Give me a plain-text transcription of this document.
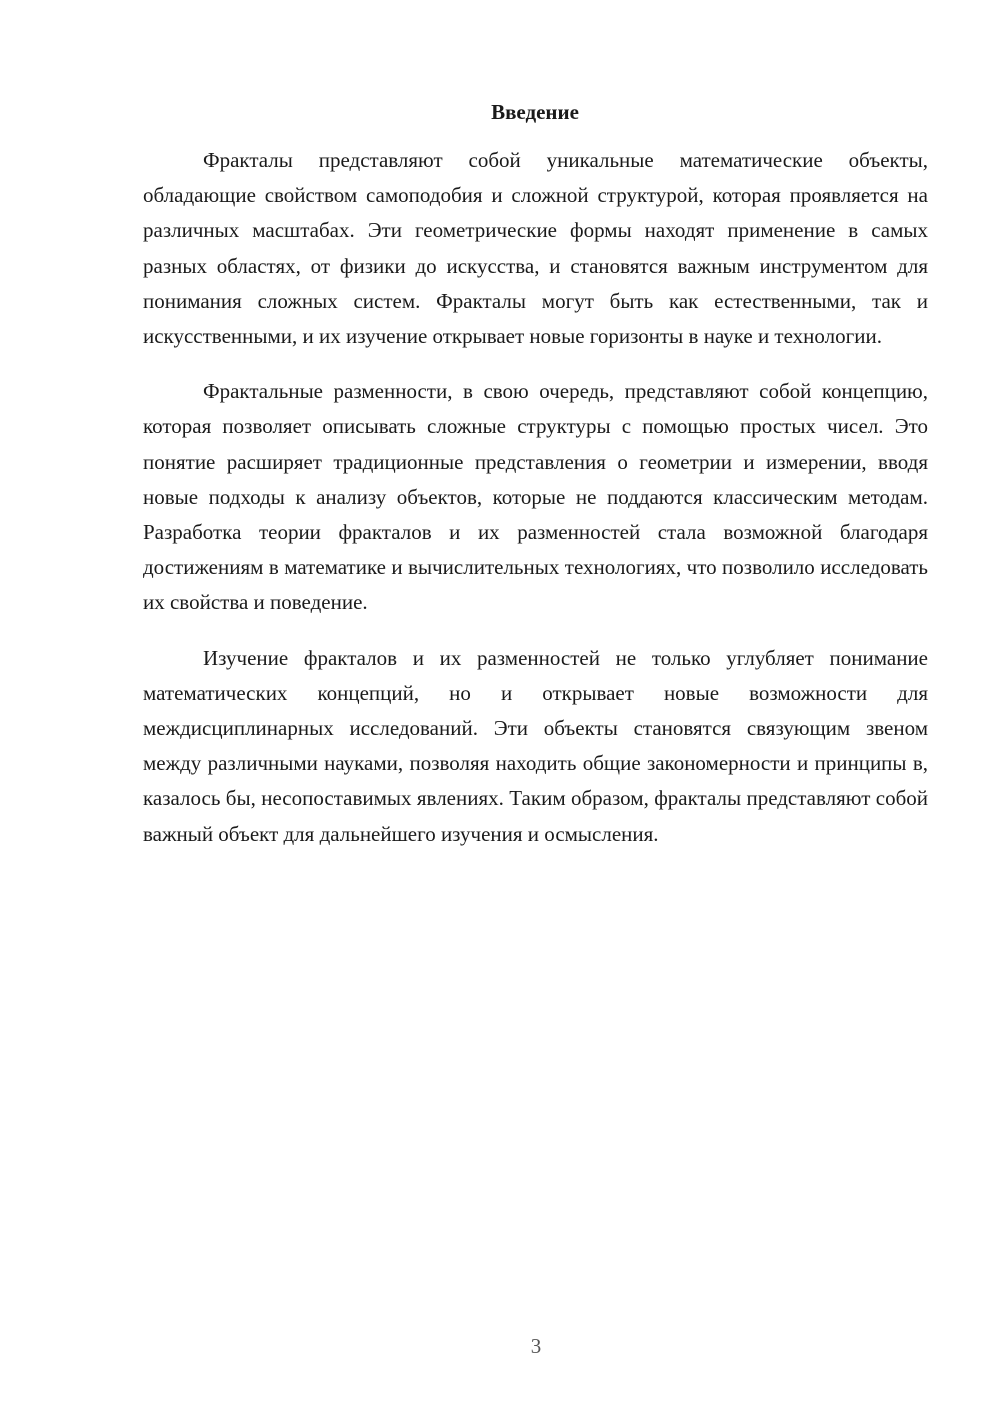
Введение

Фракталы представляют собой уникальные математические объекты, обладающие свойством самоподобия и сложной структурой, которая проявляется на различных масштабах. Эти геометрические формы находят применение в самых разных областях, от физики до искусства, и становятся важным инструментом для понимания сложных систем. Фракталы могут быть как естественными, так и искусственными, и их изучение открывает новые горизонты в науке и технологии.

Фрактальные разменности, в свою очередь, представляют собой концепцию, которая позволяет описывать сложные структуры с помощью простых чисел. Это понятие расширяет традиционные представления о геометрии и измерении, вводя новые подходы к анализу объектов, которые не поддаются классическим методам. Разработка теории фракталов и их разменностей стала возможной благодаря достижениям в математике и вычислительных технологиях, что позволило исследовать их свойства и поведение.

Изучение фракталов и их разменностей не только углубляет понимание математических концепций, но и открывает новые возможности для междисциплинарных исследований. Эти объекты становятся связующим звеном между различными науками, позволяя находить общие закономерности и принципы в, казалось бы, несопоставимых явлениях. Таким образом, фракталы представляют собой важный объект для дальнейшего изучения и осмысления.

3
